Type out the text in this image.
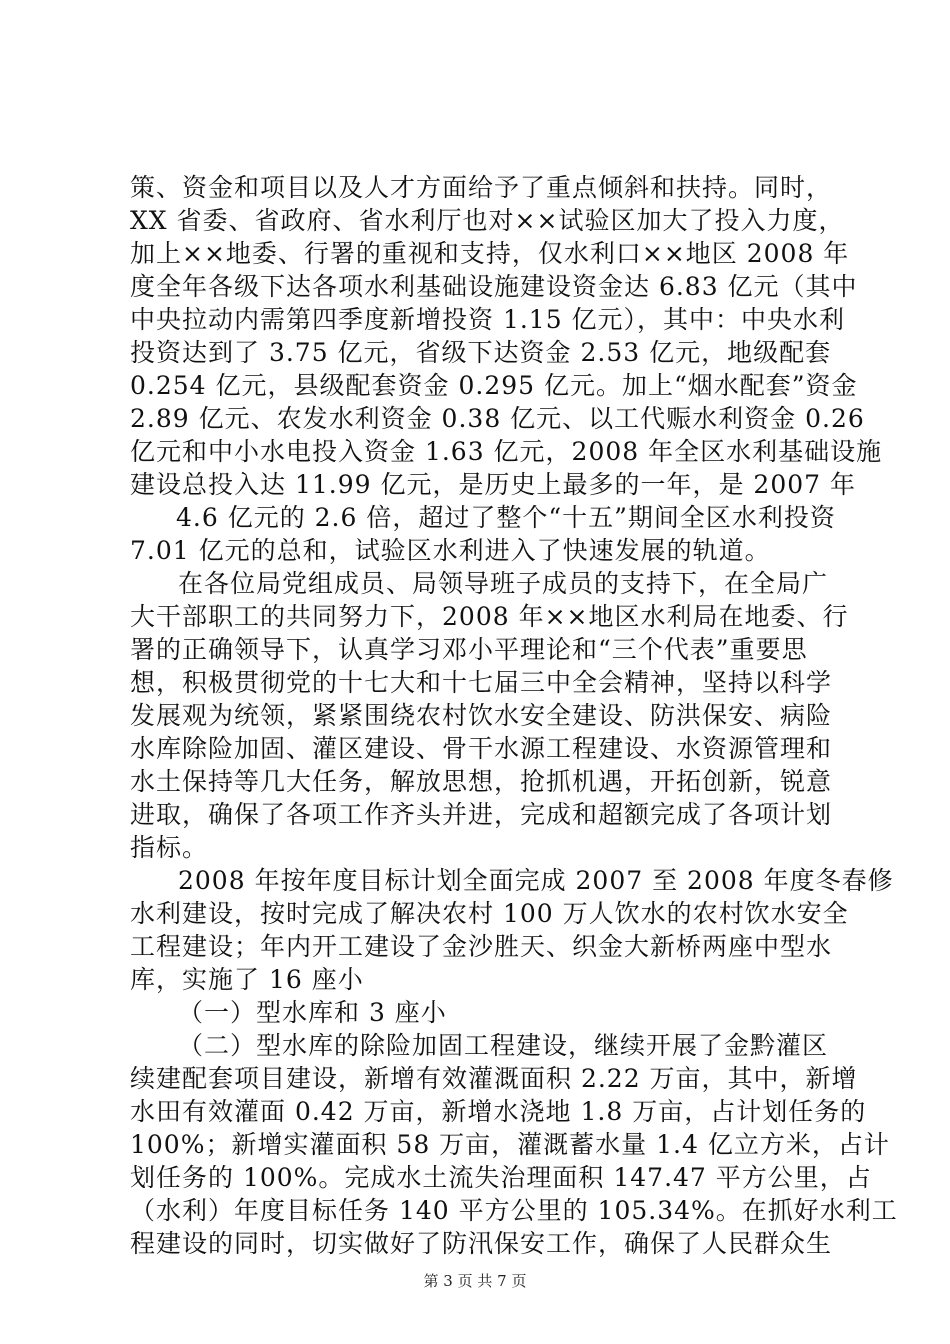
策、资金和项目以及人才方面给予了重点倾斜和扶持。同时，
XX 省委、省政府、省水利厅也对××试验区加大了投入力度，
加上××地委、行署的重视和支持，仅水利口××地区 2008 年
度全年各级下达各项水利基础设施建设资金达 6.83 亿元（其中
中央拉动内需第四季度新增投资 1.15 亿元），其中：中央水利
投资达到了 3.75 亿元，省级下达资金 2.53 亿元，地级配套
0.254 亿元，县级配套资金 0.295 亿元。加上“烟水配套”资金
2.89 亿元、农发水利资金 0.38 亿元、以工代赈水利资金 0.26
亿元和中小水电投入资金 1.63 亿元，2008 年全区水利基础设施
建设总投入达 11.99 亿元，是历史上最多的一年，是 2007 年
4.6 亿元的 2.6 倍，超过了整个“十五”期间全区水利投资
7.01 亿元的总和，试验区水利进入了快速发展的轨道。
在各位局党组成员、局领导班子成员的支持下，在全局广
大干部职工的共同努力下，2008 年××地区水利局在地委、行
署的正确领导下，认真学习邓小平理论和“三个代表”重要思
想，积极贯彻党的十七大和十七届三中全会精神，坚持以科学
发展观为统领，紧紧围绕农村饮水安全建设、防洪保安、病险
水库除险加固、灌区建设、骨干水源工程建设、水资源管理和
水土保持等几大任务，解放思想，抢抓机遇，开拓创新，锐意
进取，确保了各项工作齐头并进，完成和超额完成了各项计划
指标。
2008 年按年度目标计划全面完成 2007 至 2008 年度冬春修
水利建设，按时完成了解决农村 100 万人饮水的农村饮水安全
工程建设；年内开工建设了金沙胜天、织金大新桥两座中型水
库，实施了 16 座小
（一）型水库和 3 座小
（二）型水库的除险加固工程建设，继续开展了金黔灌区
续建配套项目建设，新增有效灌溉面积 2.22 万亩，其中，新增
水田有效灌面 0.42 万亩，新增水浇地 1.8 万亩，占计划任务的
100%；新增实灌面积 58 万亩，灌溉蓄水量 1.4 亿立方米，占计
划任务的 100%。完成水土流失治理面积 147.47 平方公里，占
（水利）年度目标任务 140 平方公里的 105.34%。在抓好水利工
程建设的同时，切实做好了防汛保安工作，确保了人民群众生
第 3 页 共 7 页
